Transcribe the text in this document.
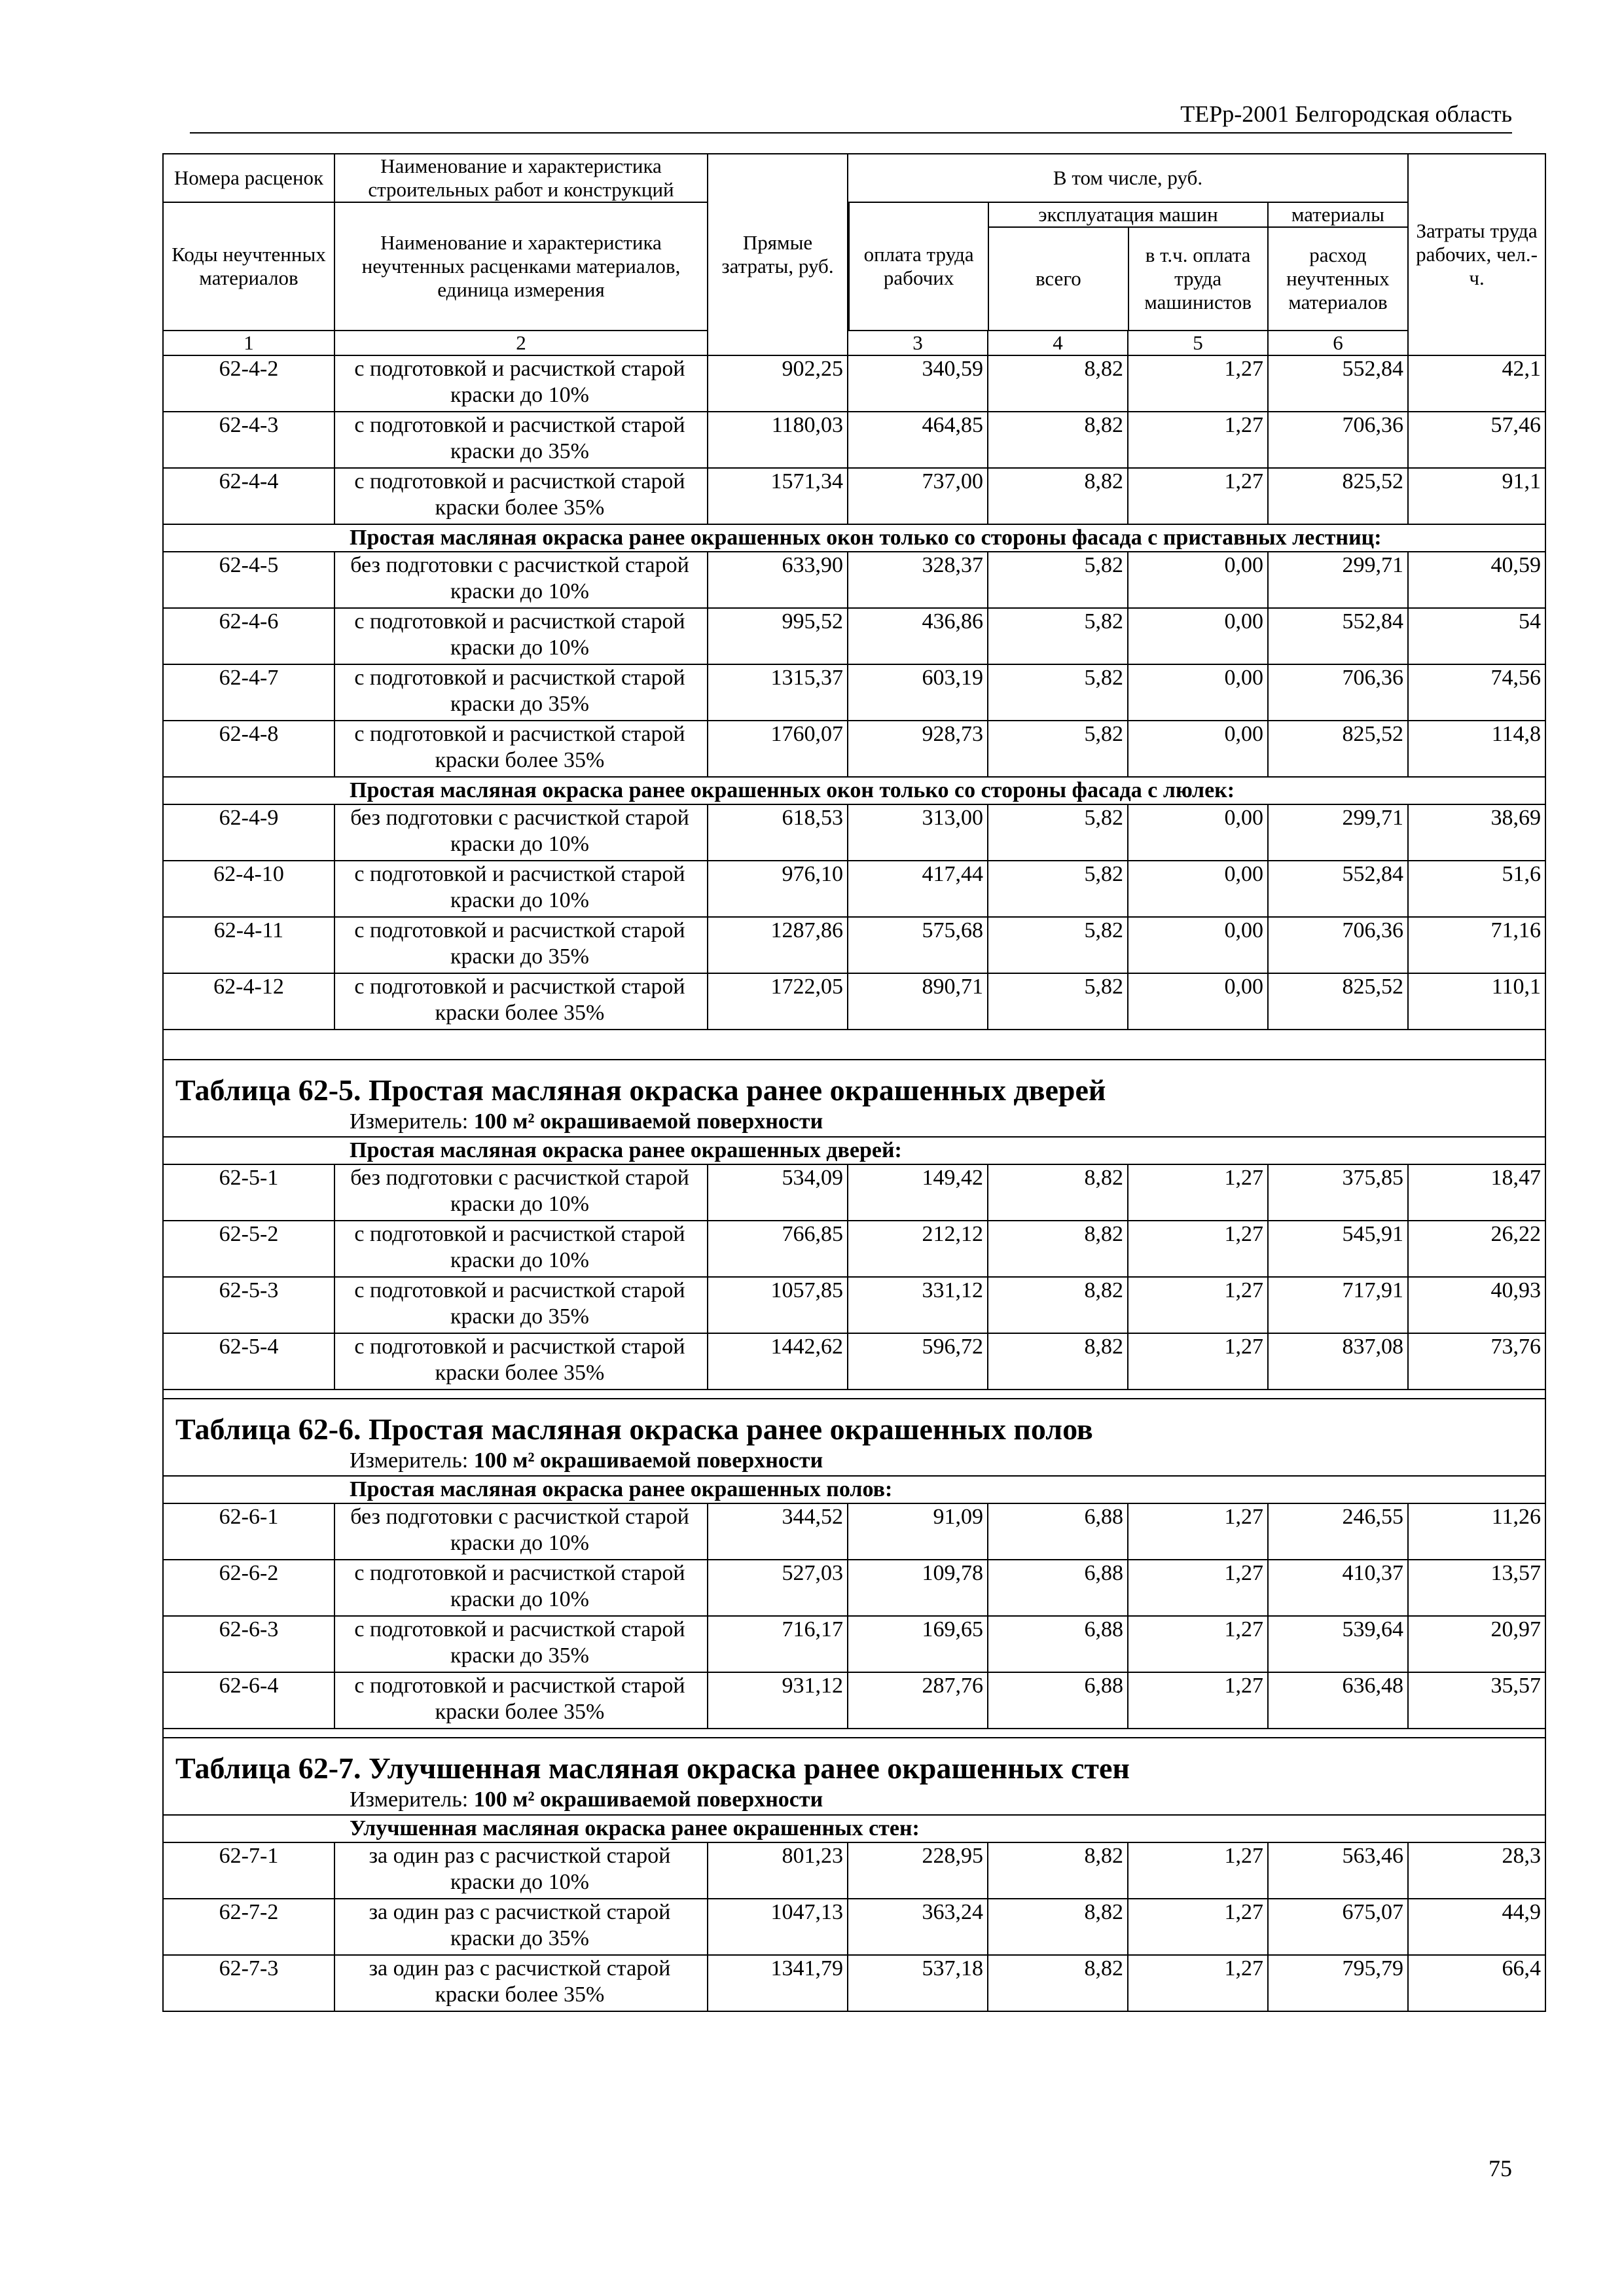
ТЕРр-2001 Белгородская область
Номера расценок	Наименование и характеристика строительных работ и конструкций	Прямые затраты, руб.	В том числе, руб.	Затраты труда рабочих, чел.-ч.
Коды неучтенных материалов	Наименование и характеристика неучтенных расценками материалов, единица измерения	
оплата труда рабочих	эксплуатация машин	материалы
всего	в т.ч. оплата труда машинистов	расход неучтенных материалов

1	2	3	4	5	6		
62-4-2	с подготовкой и расчисткой старой краски до 10%	902,25	340,59	8,82	1,27	552,84	42,1
62-4-3	с подготовкой и расчисткой старой краски до 35%	1180,03	464,85	8,82	1,27	706,36	57,46
62-4-4	с подготовкой и расчисткой старой краски более 35%	1571,34	737,00	8,82	1,27	825,52	91,1
Простая масляная окраска ранее окрашенных окон только со стороны фасада с приставных лестниц:
62-4-5	без подготовки с расчисткой старой краски до 10%	633,90	328,37	5,82	0,00	299,71	40,59
62-4-6	с подготовкой и расчисткой старой краски до 10%	995,52	436,86	5,82	0,00	552,84	54
62-4-7	с подготовкой и расчисткой старой краски до 35%	1315,37	603,19	5,82	0,00	706,36	74,56
62-4-8	с подготовкой и расчисткой старой краски более 35%	1760,07	928,73	5,82	0,00	825,52	114,8
Простая масляная окраска ранее окрашенных окон только со стороны фасада с люлек:
62-4-9	без подготовки с расчисткой старой краски до 10%	618,53	313,00	5,82	0,00	299,71	38,69
62-4-10	с подготовкой и расчисткой старой краски до 10%	976,10	417,44	5,82	0,00	552,84	51,6
62-4-11	с подготовкой и расчисткой старой краски до 35%	1287,86	575,68	5,82	0,00	706,36	71,16
62-4-12	с подготовкой и расчисткой старой краски более 35%	1722,05	890,71	5,82	0,00	825,52	110,1

Таблица 62-5. Простая масляная окраска ранее окрашенных дверей
Измеритель: 100 м² окрашиваемой поверхности
Простая масляная окраска ранее окрашенных дверей:
62-5-1	без подготовки с расчисткой старой краски до 10%	534,09	149,42	8,82	1,27	375,85	18,47
62-5-2	с подготовкой и расчисткой старой краски до 10%	766,85	212,12	8,82	1,27	545,91	26,22
62-5-3	с подготовкой и расчисткой старой краски до 35%	1057,85	331,12	8,82	1,27	717,91	40,93
62-5-4	с подготовкой и расчисткой старой краски более 35%	1442,62	596,72	8,82	1,27	837,08	73,76

Таблица 62-6. Простая масляная окраска ранее окрашенных полов
Измеритель: 100 м² окрашиваемой поверхности
Простая масляная окраска ранее окрашенных полов:
62-6-1	без подготовки с расчисткой старой краски до 10%	344,52	91,09	6,88	1,27	246,55	11,26
62-6-2	с подготовкой и расчисткой старой краски до 10%	527,03	109,78	6,88	1,27	410,37	13,57
62-6-3	с подготовкой и расчисткой старой краски до 35%	716,17	169,65	6,88	1,27	539,64	20,97
62-6-4	с подготовкой и расчисткой старой краски более 35%	931,12	287,76	6,88	1,27	636,48	35,57

Таблица 62-7. Улучшенная масляная окраска ранее окрашенных стен
Измеритель: 100 м² окрашиваемой поверхности
Улучшенная масляная окраска ранее окрашенных стен:
62-7-1	за один раз с расчисткой старой краски до 10%	801,23	228,95	8,82	1,27	563,46	28,3
62-7-2	за один раз с расчисткой старой краски до 35%	1047,13	363,24	8,82	1,27	675,07	44,9
62-7-3	за один раз с расчисткой старой краски более 35%	1341,79	537,18	8,82	1,27	795,79	66,4
75
